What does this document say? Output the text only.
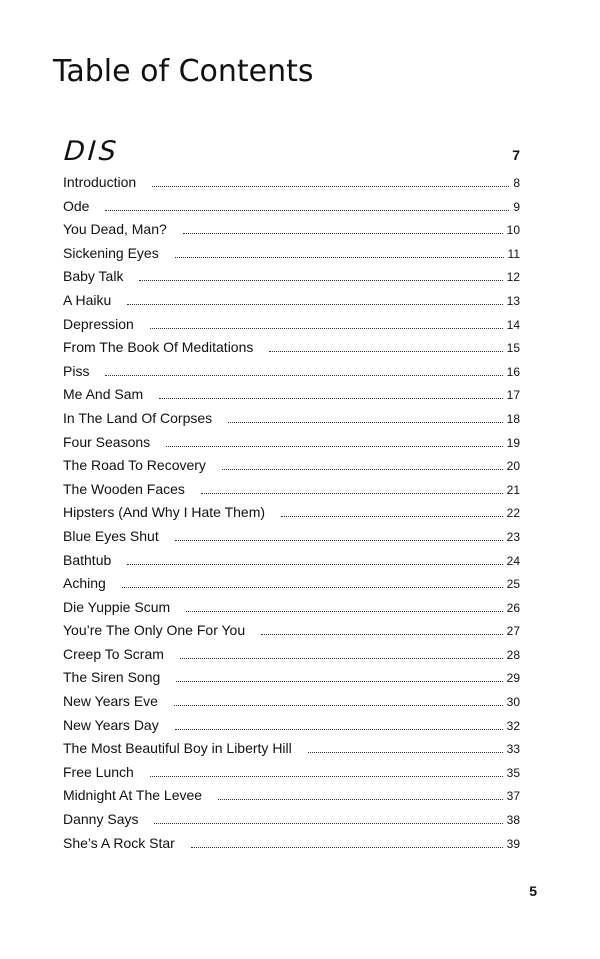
Table of Contents
DIS	7
Introduction	8
Ode	9
You Dead, Man?	10
Sickening Eyes	11
Baby Talk	12
A Haiku	13
Depression	14
From The Book Of Meditations	15
Piss	16
Me And Sam	17
In The Land Of Corpses	18
Four Seasons	19
The Road To Recovery	20
The Wooden Faces	21
Hipsters (And Why I Hate Them)	22
Blue Eyes Shut	23
Bathtub	24
Aching	25
Die Yuppie Scum	26
You’re The Only One For You	27
Creep To Scram	28
The Siren Song	29
New Years Eve	30
New Years Day	32
The Most Beautiful Boy in Liberty Hill	33
Free Lunch	35
Midnight At The Levee	37
Danny Says	38
She’s A Rock Star	39
5
